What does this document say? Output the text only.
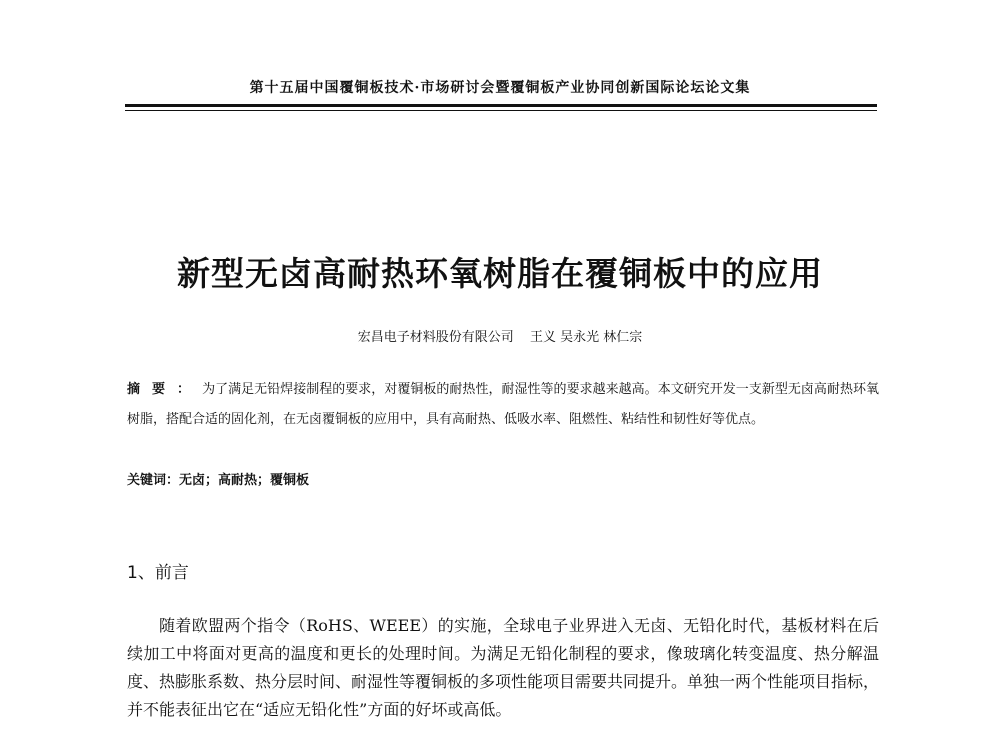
第十五届中国覆铜板技术·市场研讨会暨覆铜板产业协同创新国际论坛论文集
新型无卤高耐热环氧树脂在覆铜板中的应用
宏昌电子材料股份有限公司 王义 吴永光 林仁宗
摘要：为了满足无铅焊接制程的要求，对覆铜板的耐热性，耐湿性等的要求越来越高。本文研究开发一支新型无卤高耐热环氧树脂，搭配合适的固化剂，在无卤覆铜板的应用中，具有高耐热、低吸水率、阻燃性、粘结性和韧性好等优点。
关键词：无卤；高耐热；覆铜板
1、前言

随着欧盟两个指令（RoHS、WEEE）的实施，全球电子业界进入无卤、无铅化时代，基板材料在后续加工中将面对更高的温度和更长的处理时间。为满足无铅化制程的要求，像玻璃化转变温度、热分解温度、热膨胀系数、热分层时间、耐湿性等覆铜板的多项性能项目需要共同提升。单独一两个性能项目指标，并不能表征出它在“适应无铅化性”方面的好坏或高低。
